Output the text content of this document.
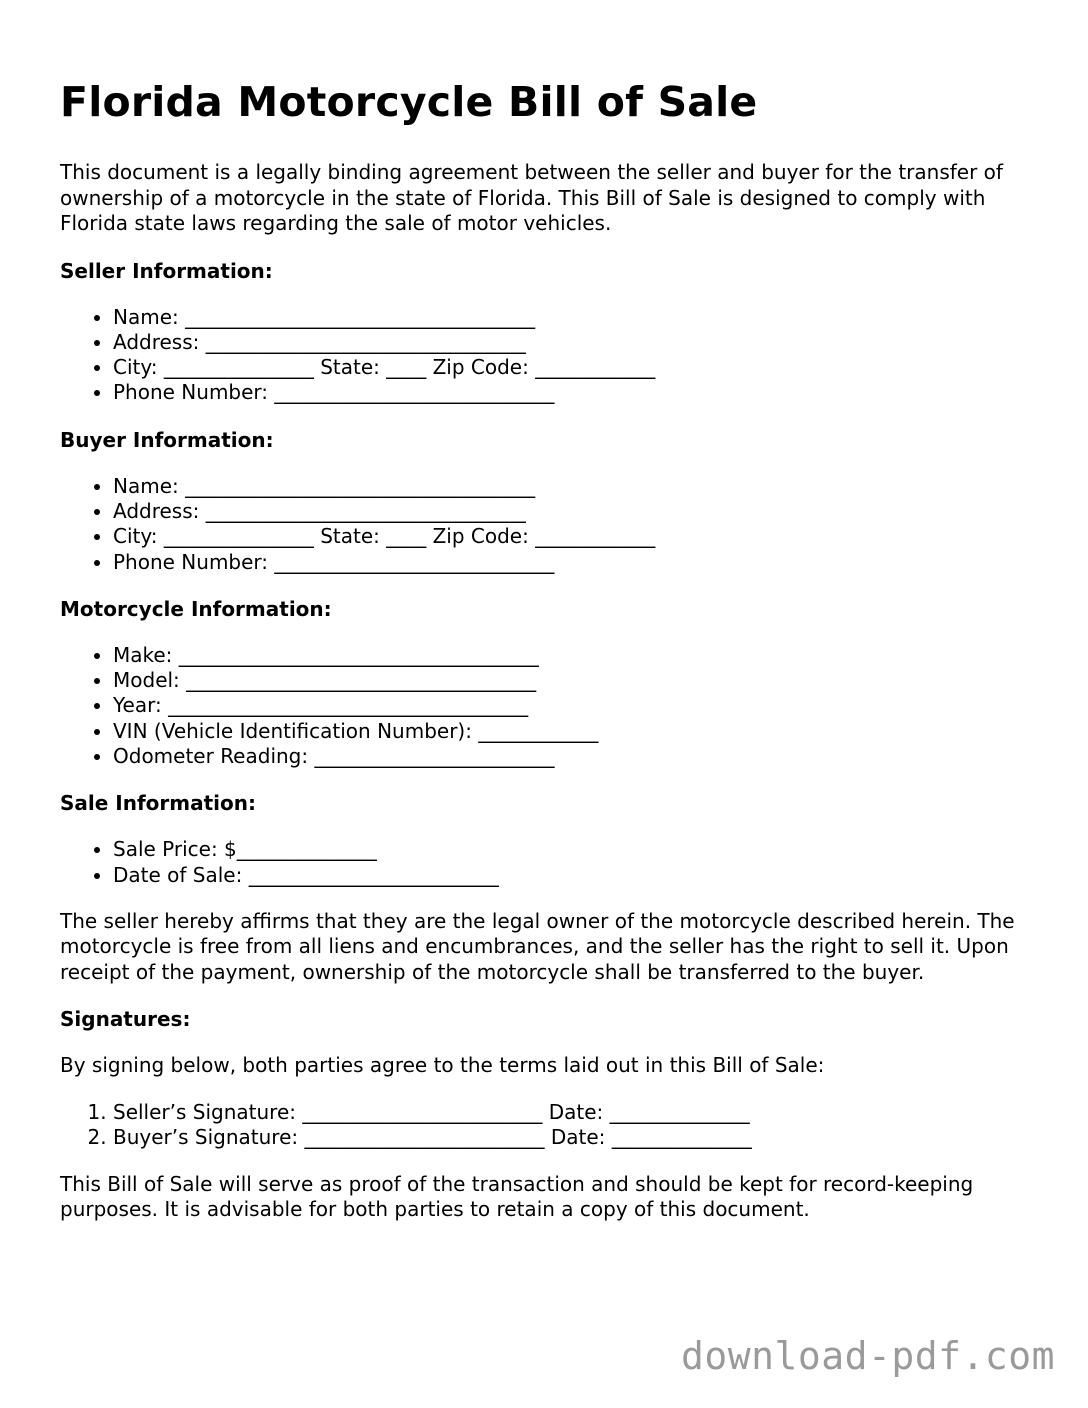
Florida Motorcycle Bill of Sale

This document is a legally binding agreement between the seller and buyer for the transfer of ownership of a motorcycle in the state of Florida. This Bill of Sale is designed to comply with Florida state laws regarding the sale of motor vehicles.

Seller Information:
• Name: ___________________________________
• Address: ________________________________
• City: _______________ State: ____ Zip Code: ____________
• Phone Number: ____________________________
Buyer Information:
• Name: ___________________________________
• Address: ________________________________
• City: _______________ State: ____ Zip Code: ____________
• Phone Number: ____________________________
Motorcycle Information:
• Make: ____________________________________
• Model: ___________________________________
• Year: ____________________________________
• VIN (Vehicle Identification Number): ____________
• Odometer Reading: ________________________
Sale Information:
• Sale Price: $______________
• Date of Sale: _________________________

The seller hereby affirms that they are the legal owner of the motorcycle described herein. The motorcycle is free from all liens and encumbrances, and the seller has the right to sell it. Upon receipt of the payment, ownership of the motorcycle shall be transferred to the buyer.

Signatures:

By signing below, both parties agree to the terms laid out in this Bill of Sale:

1. Seller’s Signature: ________________________ Date: ______________
2. Buyer’s Signature: ________________________ Date: ______________

This Bill of Sale will serve as proof of the transaction and should be kept for record-keeping purposes. It is advisable for both parties to retain a copy of this document.

download-pdf.com
